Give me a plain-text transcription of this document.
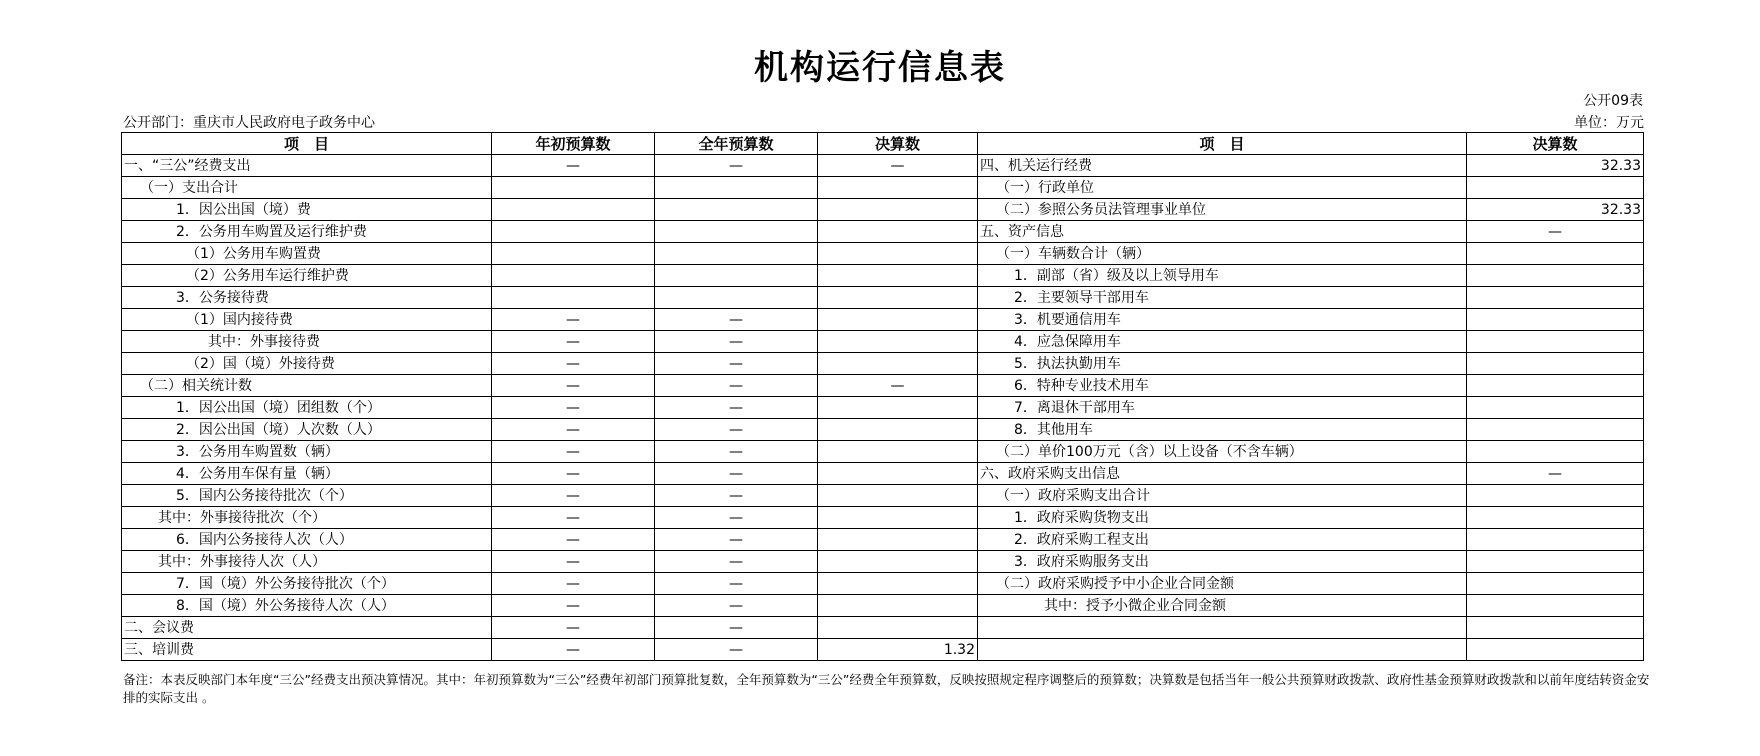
机构运行信息表
公开09表
公开部门：重庆市人民政府电子政务中心	单位：万元
项　目	年初预算数	全年预算数	决算数	项　目	决算数
一、“三公”经费支出	—	—	—	四、机关运行经费	32.33
（一）支出合计				（一）行政单位	
1．因公出国（境）费				（二）参照公务员法管理事业单位	32.33
2．公务用车购置及运行维护费				五、资产信息	—
（1）公务用车购置费				（一）车辆数合计（辆）	
（2）公务用车运行维护费				1．副部（省）级及以上领导用车	
3．公务接待费				2．主要领导干部用车	
（1）国内接待费	—	—		3．机要通信用车	
其中：外事接待费	—	—		4．应急保障用车	
（2）国（境）外接待费	—	—		5．执法执勤用车	
（二）相关统计数	—	—	—	6．特种专业技术用车	
1．因公出国（境）团组数（个）	—	—		7．离退休干部用车	
2．因公出国（境）人次数（人）	—	—		8．其他用车	
3．公务用车购置数（辆）	—	—		（二）单价100万元（含）以上设备（不含车辆）	
4．公务用车保有量（辆）	—	—		六、政府采购支出信息	—
5．国内公务接待批次（个）	—	—		（一）政府采购支出合计	
其中：外事接待批次（个）	—	—		1．政府采购货物支出	
6．国内公务接待人次（人）	—	—		2．政府采购工程支出	
其中：外事接待人次（人）	—	—		3．政府采购服务支出	
7．国（境）外公务接待批次（个）	—	—		（二）政府采购授予中小企业合同金额	
8．国（境）外公务接待人次（人）	—	—		其中：授予小微企业合同金额	
二、会议费	—	—			
三、培训费	—	—	1.32		
备注：本表反映部门本年度“三公”经费支出预决算情况。其中：年初预算数为“三公”经费年初部门预算批复数，全年预算数为“三公”经费全年预算数，反映按照规定程序调整后的预算数；决算数是包括当年一般公共预算财政拨款、政府性基金预算财政拨款和以前年度结转资金安排的实际支出 。
